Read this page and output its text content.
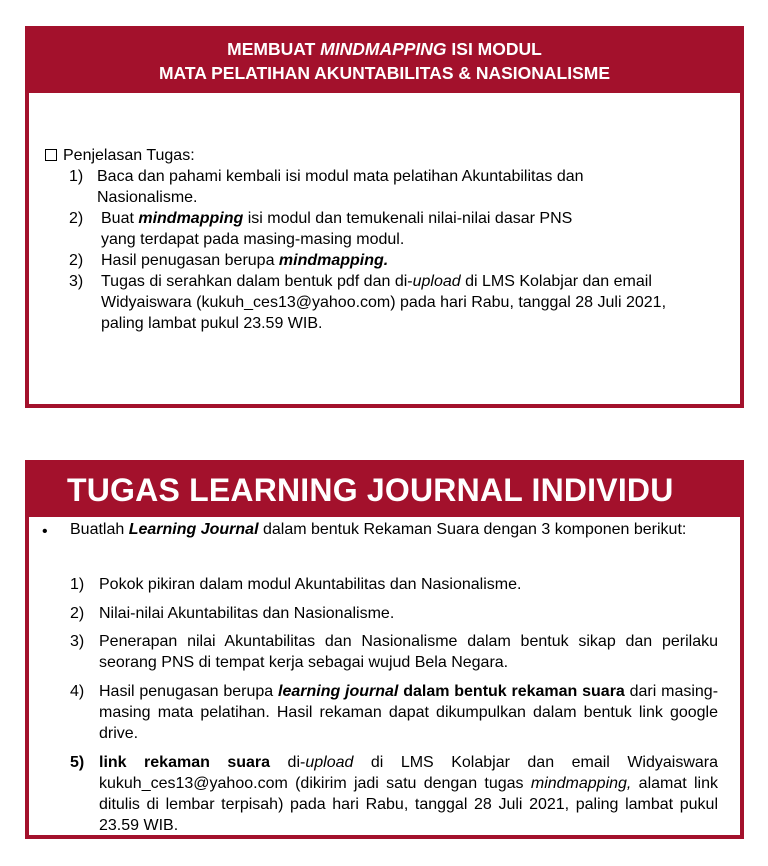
MEMBUAT MINDMAPPING ISI MODUL
MATA PELATIHAN AKUNTABILITAS & NASIONALISME
Penjelasan Tugas:
1) Baca dan pahami kembali isi modul mata pelatihan Akuntabilitas dan
Nasionalisme.
2)	Buat mindmapping isi modul dan temukenali nilai-nilai dasar PNS
yang terdapat pada masing-masing modul.
2)	Hasil penugasan berupa mindmapping.
3)	Tugas di serahkan dalam bentuk pdf dan di-upload di LMS Kolabjar dan email
Widyaiswara (kukuh_ces13@yahoo.com) pada hari Rabu, tanggal 28 Juli 2021,
paling lambat pukul 23.59 WIB.
TUGAS LEARNING JOURNAL INDIVIDU
• Buatlah Learning Journal dalam bentuk Rekaman Suara dengan 3 komponen berikut:
1) Pokok pikiran dalam modul Akuntabilitas dan Nasionalisme.
2) Nilai-nilai Akuntabilitas dan Nasionalisme.
3) Penerapan nilai Akuntabilitas dan Nasionalisme dalam bentuk sikap dan perilaku seorang PNS di tempat kerja sebagai wujud Bela Negara.
4) Hasil penugasan berupa learning journal dalam bentuk rekaman suara dari masing-masing mata pelatihan. Hasil rekaman dapat dikumpulkan dalam bentuk link google drive.
5) link rekaman suara di-upload di LMS Kolabjar dan email Widyaiswara kukuh_ces13@yahoo.com (dikirim jadi satu dengan tugas mindmapping, alamat link ditulis di lembar terpisah) pada hari Rabu, tanggal 28 Juli 2021, paling lambat pukul 23.59 WIB.
